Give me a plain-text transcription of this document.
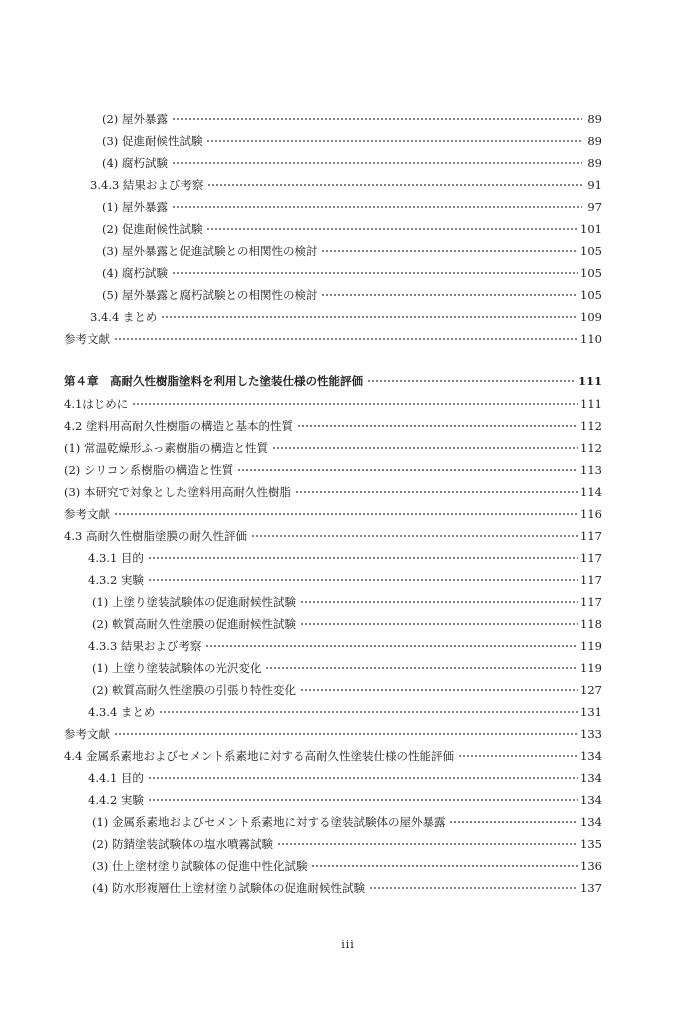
(2) 屋外暴露	89
(3) 促進耐候性試験	89
(4) 腐朽試験	89
3.4.3 結果および考察	91
(1) 屋外暴露	97
(2) 促進耐候性試験	101
(3) 屋外暴露と促進試験との相関性の検討	105
(4) 腐朽試験	105
(5) 屋外暴露と腐朽試験との相関性の検討	105
3.4.4 まとめ	109
参考文献	110
第４章　高耐久性樹脂塗料を利用した塗装仕様の性能評価	111
4.1はじめに	111
4.2 塗料用高耐久性樹脂の構造と基本的性質	112
(1) 常温乾燥形ふっ素樹脂の構造と性質	112
(2) シリコン系樹脂の構造と性質	113
(3) 本研究で対象とした塗料用高耐久性樹脂	114
参考文献	116
4.3 高耐久性樹脂塗膜の耐久性評価	117
4.3.1 目的	117
4.3.2 実験	117
(1) 上塗り塗装試験体の促進耐候性試験	117
(2) 軟質高耐久性塗膜の促進耐候性試験	118
4.3.3 結果および考察	119
(1) 上塗り塗装試験体の光沢変化	119
(2) 軟質高耐久性塗膜の引張り特性変化	127
4.3.4 まとめ	131
参考文献	133
4.4 金属系素地およびセメント系素地に対する高耐久性塗装仕様の性能評価	134
4.4.1 目的	134
4.4.2 実験	134
(1) 金属系素地およびセメント系素地に対する塗装試験体の屋外暴露	134
(2) 防錆塗装試験体の塩水噴霧試験	135
(3) 仕上塗材塗り試験体の促進中性化試験	136
(4) 防水形複層仕上塗材塗り試験体の促進耐候性試験	137
iii
